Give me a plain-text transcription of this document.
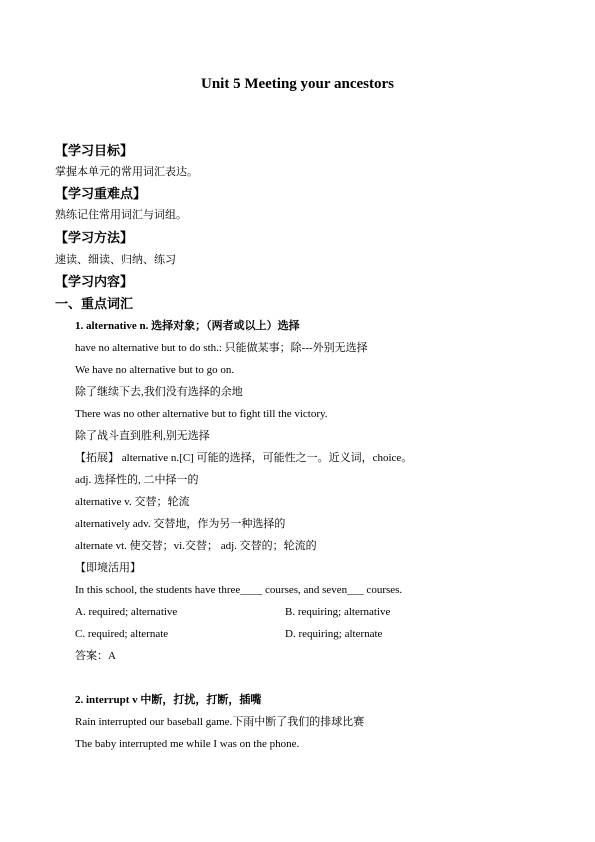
Unit 5 Meeting your ancestors
【学习目标】
掌握本单元的常用词汇表达。
【学习重难点】
熟练记住常用词汇与词组。
【学习方法】
速读、细读、归纳、练习
【学习内容】
一、重点词汇
1. alternative n. 选择对象；（两者或以上）选择
have no alternative but to do sth.: 只能做某事；除---外别无选择
We have no alternative but to go on.
除了继续下去,我们没有选择的余地
There was no other alternative but to fight till the victory.
除了战斗直到胜利,别无选择
【拓展】 alternative n.[C] 可能的选择，可能性之一。近义词，choice。
adj. 选择性的, 二中择一的
alternative v. 交替；轮流
alternatively adv. 交替地，作为另一种选择的
alternate vt. 使交替；vi.交替； adj. 交替的；轮流的
【即境活用】
In this school, the students have three____ courses, and seven___ courses.
A. required; alternative	B. requiring; alternative
C. required; alternate	D. requiring; alternate
答案：A
2. interrupt v 中断，打扰，打断，插嘴
Rain interrupted our baseball game.下雨中断了我们的排球比赛
The baby interrupted me while I was on the phone.
